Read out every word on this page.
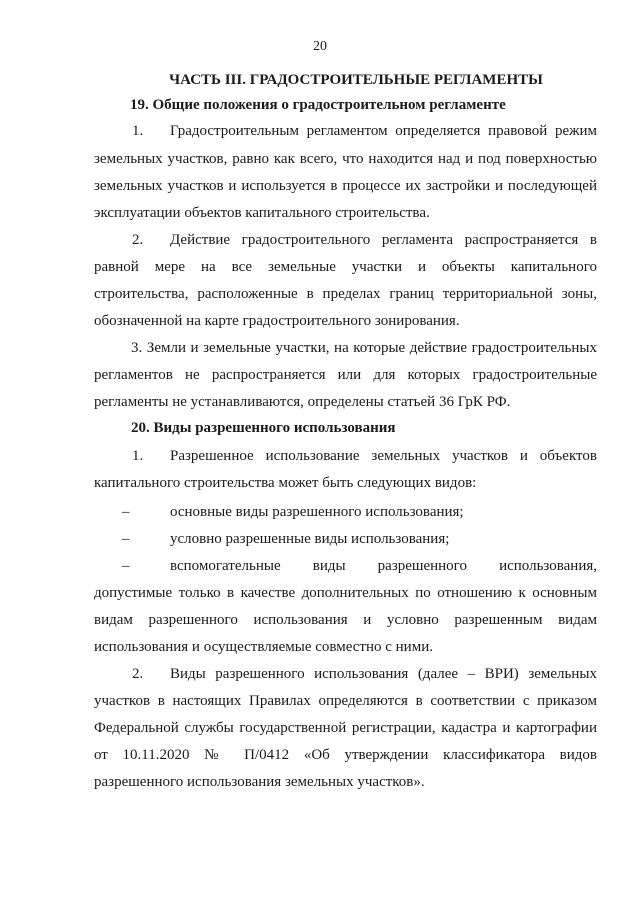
20
ЧАСТЬ III. ГРАДОСТРОИТЕЛЬНЫЕ РЕГЛАМЕНТЫ
19. Общие положения о градостроительном регламенте
1. Градостроительным регламентом определяется правовой режим
земельных участков, равно как всего, что находится над и под поверхностью
земельных участков и используется в процессе их застройки и последующей
эксплуатации объектов капитального строительства.
2. Действие градостроительного регламента распространяется в
равной мере на все земельные участки и объекты капитального
строительства, расположенные в пределах границ территориальной зоны,
обозначенной на карте градостроительного зонирования.
3. Земли и земельные участки, на которые действие градостроительных
регламентов не распространяется или для которых градостроительные
регламенты не устанавливаются, определены статьей 36 ГрК РФ.
20. Виды разрешенного использования
1. Разрешенное использование земельных участков и объектов
капитального строительства может быть следующих видов:
–	основные виды разрешенного использования;
–	условно разрешенные виды использования;
–	вспомогательные виды разрешенного использования,
допустимые только в качестве дополнительных по отношению к основным
видам разрешенного использования и условно разрешенным видам
использования и осуществляемые совместно с ними.
2. Виды разрешенного использования (далее – ВРИ) земельных
участков в настоящих Правилах определяются в соответствии с приказом
Федеральной службы государственной регистрации, кадастра и картографии
от 10.11.2020 № П/0412 «Об утверждении классификатора видов
разрешенного использования земельных участков».
